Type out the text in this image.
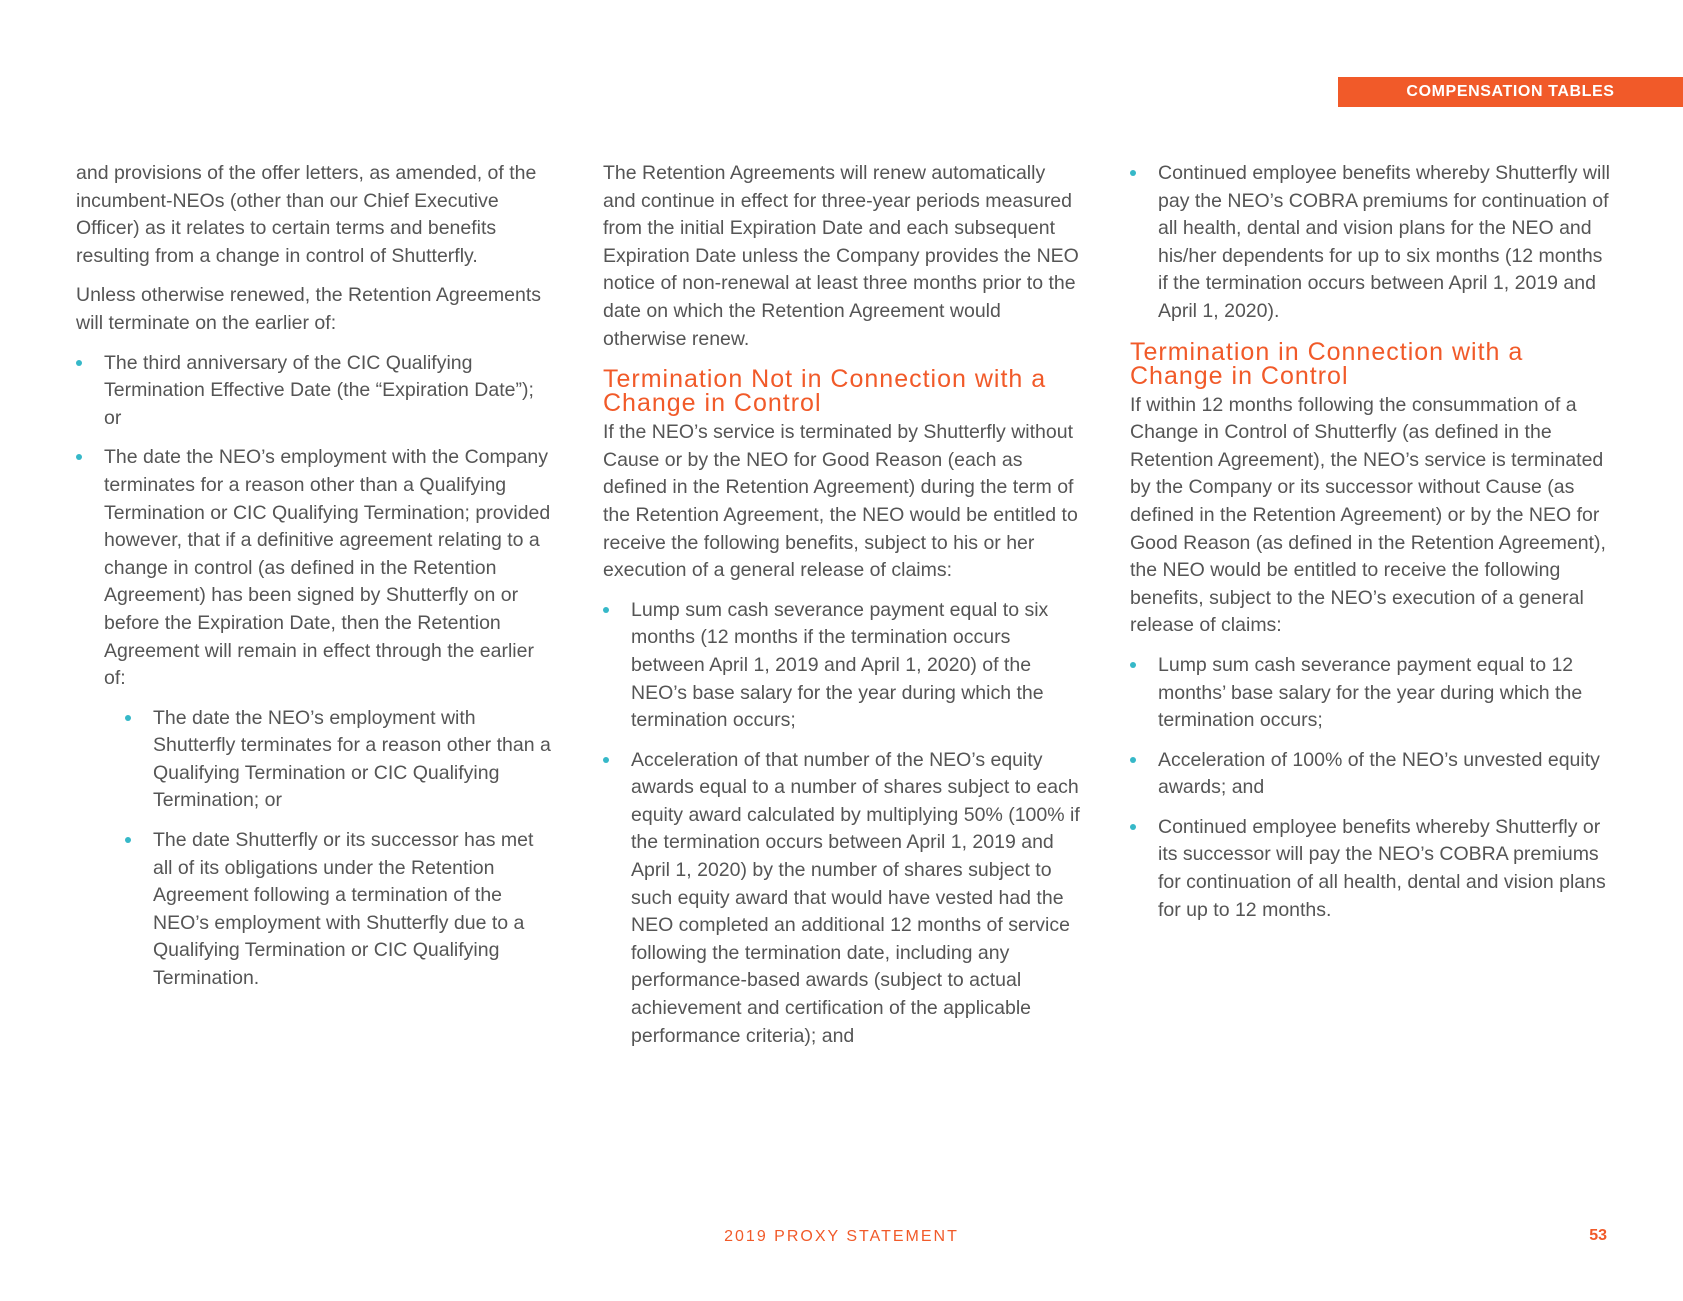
COMPENSATION TABLES

and provisions of the offer letters, as amended, of the incumbent-NEOs (other than our Chief Executive Officer) as it relates to certain terms and benefits resulting from a change in control of Shutterfly.

Unless otherwise renewed, the Retention Agreements will terminate on the earlier of:

The third anniversary of the CIC Qualifying Termination Effective Date (the “Expiration Date”); or
The date the NEO’s employment with the Company terminates for a reason other than a Qualifying Termination or CIC Qualifying Termination; provided however, that if a definitive agreement relating to a change in control (as defined in the Retention Agreement) has been signed by Shutterfly on or before the Expiration Date, then the Retention Agreement will remain in effect through the earlier of:
The date the NEO’s employment with Shutterfly terminates for a reason other than a Qualifying Termination or CIC Qualifying Termination; or
The date Shutterfly or its successor has met all of its obligations under the Retention Agreement following a termination of the NEO’s employment with Shutterfly due to a Qualifying Termination or CIC Qualifying Termination.

The Retention Agreements will renew automatically and continue in effect for three-year periods measured from the initial Expiration Date and each subsequent Expiration Date unless the Company provides the NEO notice of non-renewal at least three months prior to the date on which the Retention Agreement would otherwise renew.

Termination Not in Connection with a Change in Control

If the NEO’s service is terminated by Shutterfly without Cause or by the NEO for Good Reason (each as defined in the Retention Agreement) during the term of the Retention Agreement, the NEO would be entitled to receive the following benefits, subject to his or her execution of a general release of claims:

Lump sum cash severance payment equal to six months (12 months if the termination occurs between April 1, 2019 and April 1, 2020) of the NEO’s base salary for the year during which the termination occurs;
Acceleration of that number of the NEO’s equity awards equal to a number of shares subject to each equity award calculated by multiplying 50% (100% if the termination occurs between April 1, 2019 and April 1, 2020) by the number of shares subject to such equity award that would have vested had the NEO completed an additional 12 months of service following the termination date, including any performance-based awards (subject to actual achievement and certification of the applicable performance criteria); and
Continued employee benefits whereby Shutterfly will pay the NEO’s COBRA premiums for continuation of all health, dental and vision plans for the NEO and his/her dependents for up to six months (12 months if the termination occurs between April 1, 2019 and April 1, 2020).
Termination in Connection with a Change in Control

If within 12 months following the consummation of a Change in Control of Shutterfly (as defined in the Retention Agreement), the NEO’s service is terminated by the Company or its successor without Cause (as defined in the Retention Agreement) or by the NEO for Good Reason (as defined in the Retention Agreement), the NEO would be entitled to receive the following benefits, subject to the NEO’s execution of a general release of claims:

Lump sum cash severance payment equal to 12 months’ base salary for the year during which the termination occurs;
Acceleration of 100% of the NEO’s unvested equity awards; and
Continued employee benefits whereby Shutterfly or its successor will pay the NEO’s COBRA premiums for continuation of all health, dental and vision plans for up to 12 months.
2019 PROXY STATEMENT	53
